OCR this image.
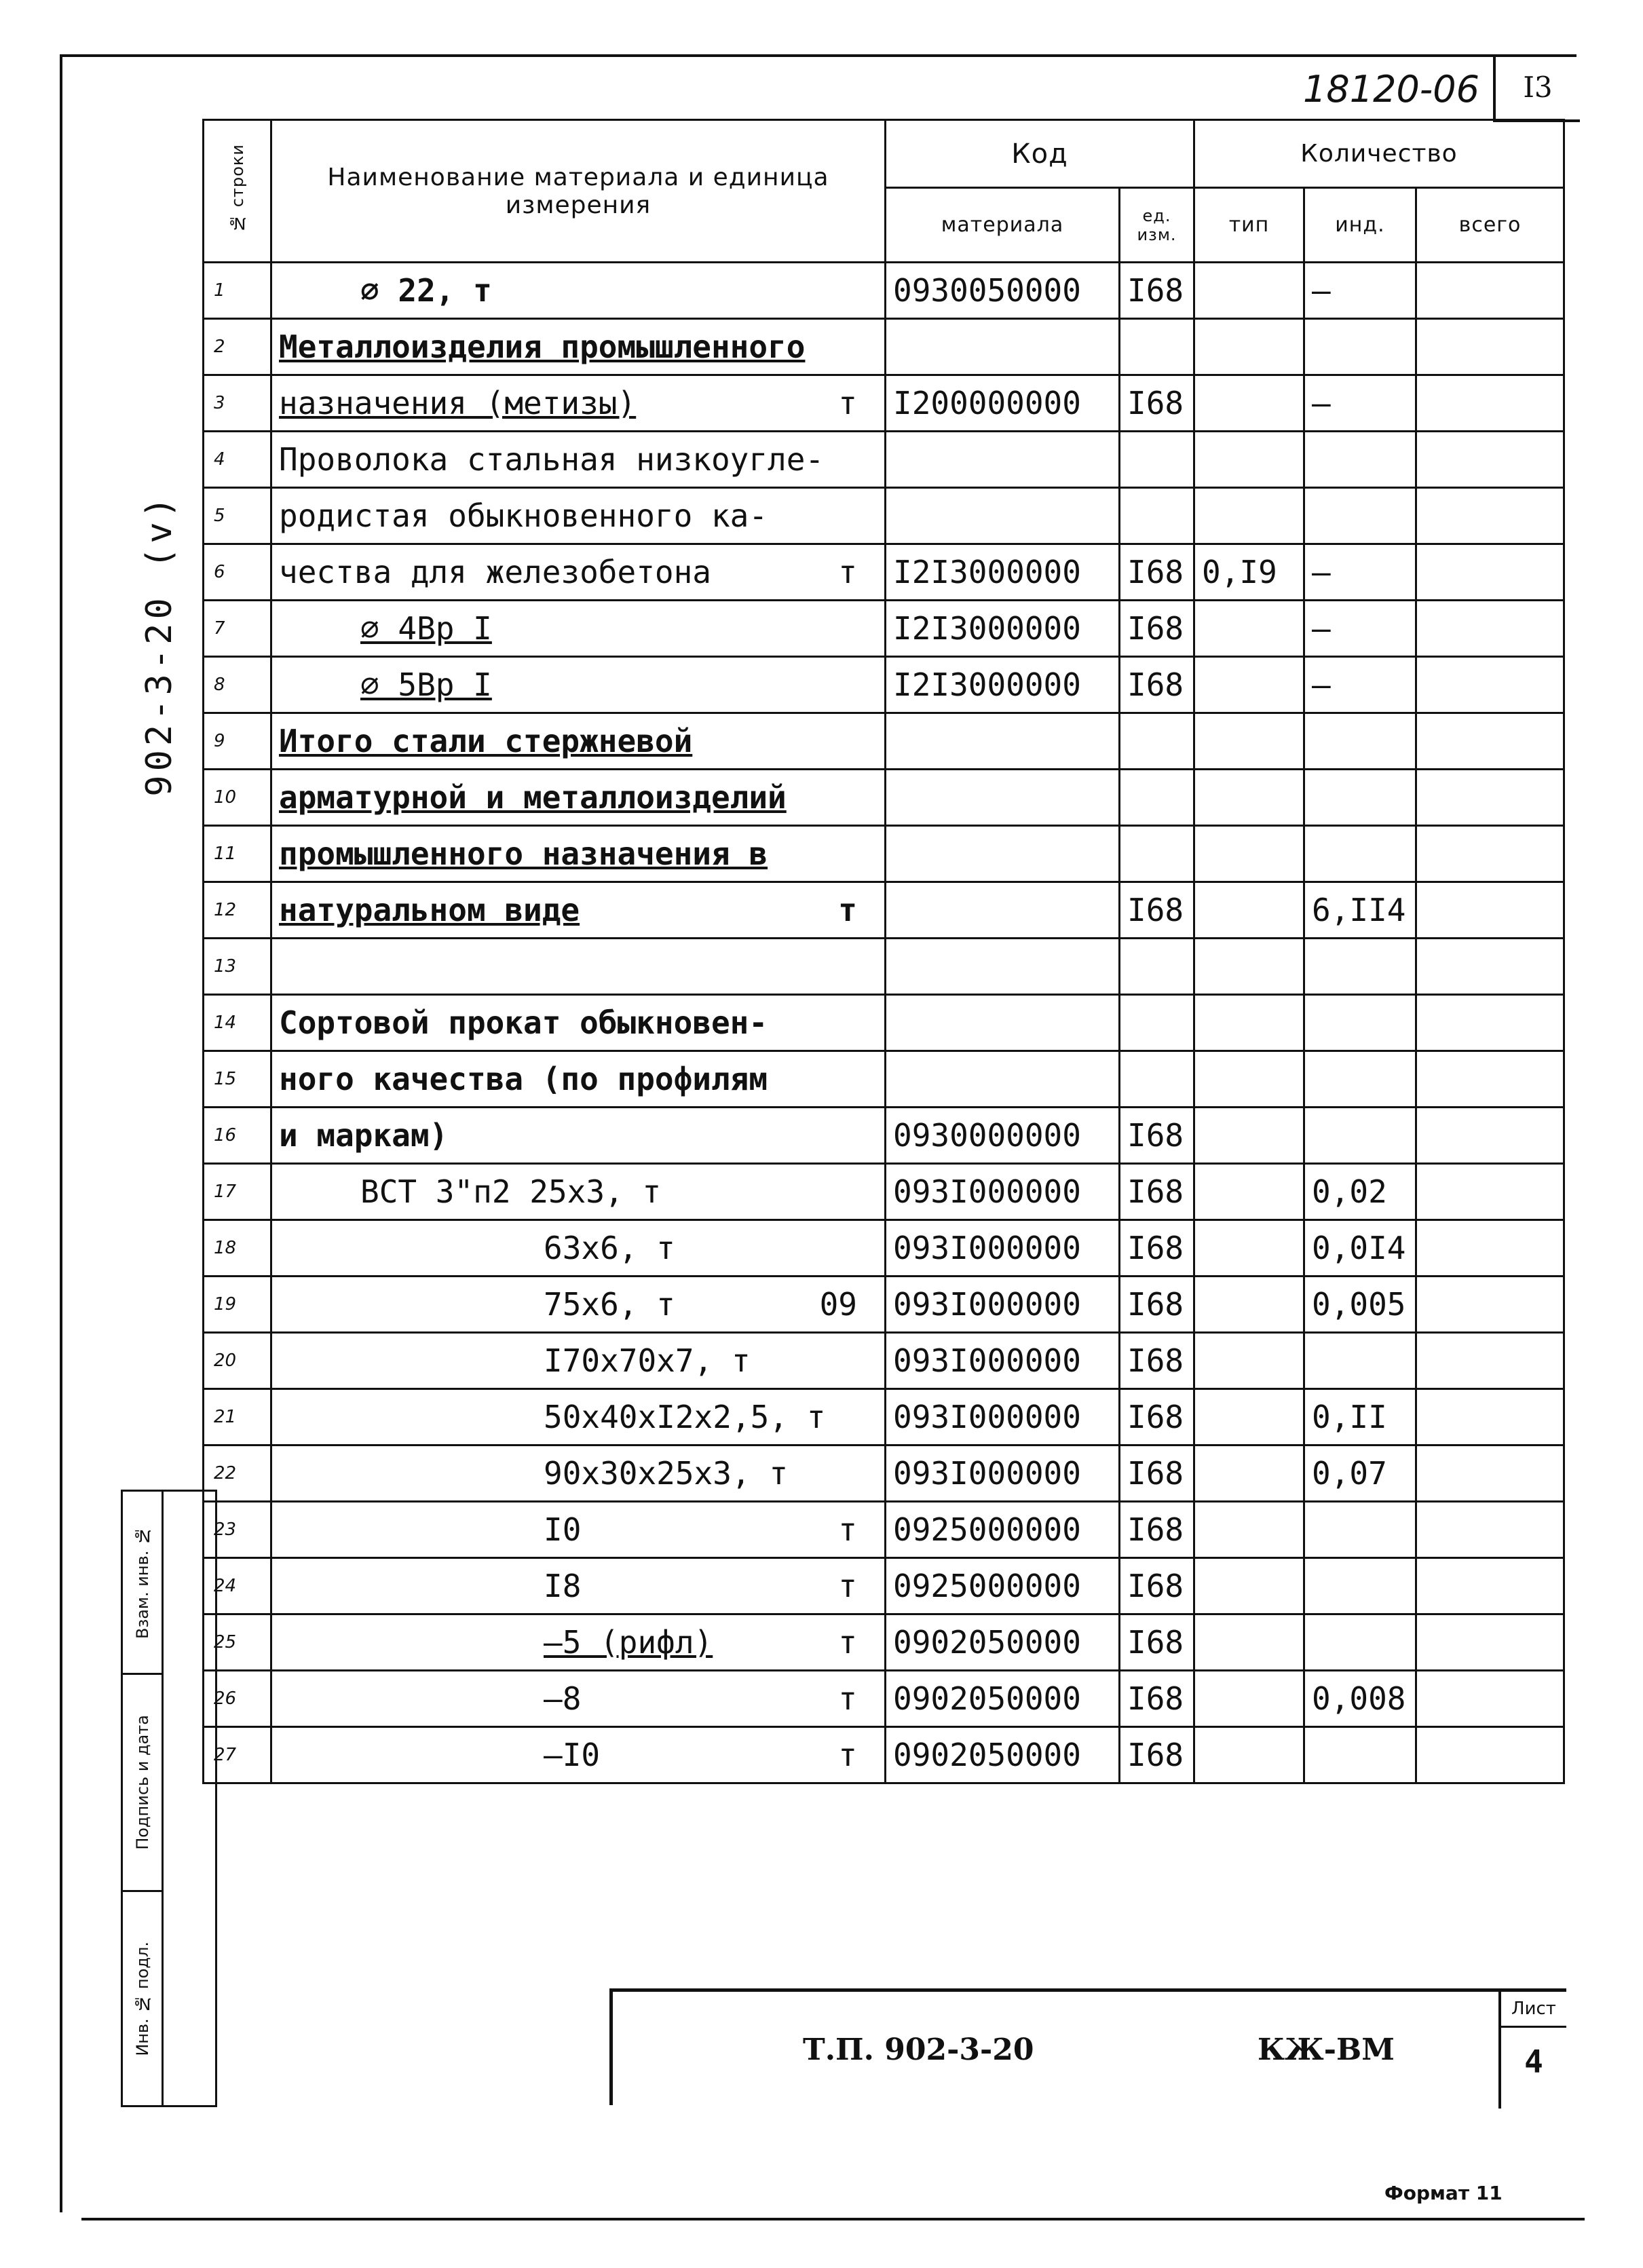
18120-06	I3
902-3-20 (v)
№ строки	Наименование материала и единица измерения	Код		Количество		
		материала	ед. изм.	тип	инд.	всего
1	∅ 22, т	0930050000	I68		–	
2	Металлоизделия промышленного					

3	назначения (метизы) т	I200000000	I68		–	
4	Проволока стальная низкоугле-					

5	родистая обыкновенного ка-					

6	чества для железобетона т	I2I3000000	I68	0,I9	–	
7	∅ 4Вр I	I2I3000000	I68		–	
8	∅ 5Вр I	I2I3000000	I68		–	
9	Итого стали стержневой					

10	арматурной и металлоизделий					

11	промышленного назначения в					

12	натуральном виде т		I68		6,II4	
13	

14	Сортовой прокат обыкновен-					

15	ного качества (по профилям					

16	и маркам)	0930000000	I68			
17	ВСТ 3"п2 25х3, т	093I000000	I68		0,02	
18	63х6, т	093I000000	I68		0,0I4	
19	75х6, т 09	093I000000	I68		0,005	
20	I70х70х7, т	093I000000	I68			
21	50х40хI2х2,5, т	093I000000	I68		0,II	
22	90х30х25х3, т	093I000000	I68		0,07	
23	I0 т	0925000000	I68			
24	I8 т	0925000000	I68			
25	–5 (рифл) т	0902050000	I68			
26	–8 т	0902050000	I68		0,008	
27	–I0 т	0902050000	I68			
Взам. инв. №
Подпись и дата
Инв. № подл.	Т.П. 902-3-20	КЖ-ВМ
Лист
4
Формат 11
